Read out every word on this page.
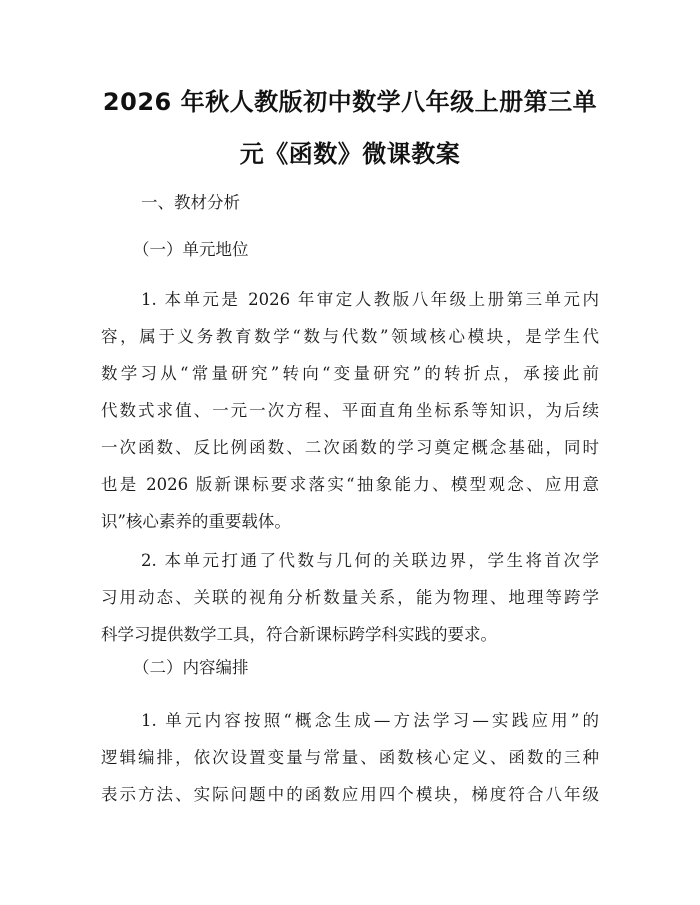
2026 年秋人教版初中数学八年级上册第三单
元《函数》微课教案
一、教材分析
（一）单元地位
1. 本单元是 2026 年审定人教版八年级上册第三单元内
容，属于义务教育数学“数与代数”领域核心模块，是学生代
数学习从“常量研究”转向“变量研究”的转折点，承接此前
代数式求值、一元一次方程、平面直角坐标系等知识，为后续
一次函数、反比例函数、二次函数的学习奠定概念基础，同时
也是 2026 版新课标要求落实“抽象能力、模型观念、应用意
识”核心素养的重要载体。
2. 本单元打通了代数与几何的关联边界，学生将首次学
习用动态、关联的视角分析数量关系，能为物理、地理等跨学
科学习提供数学工具，符合新课标跨学科实践的要求。
（二）内容编排
1. 单元内容按照“概念生成—方法学习—实践应用”的
逻辑编排，依次设置变量与常量、函数核心定义、函数的三种
表示方法、实际问题中的函数应用四个模块，梯度符合八年级
